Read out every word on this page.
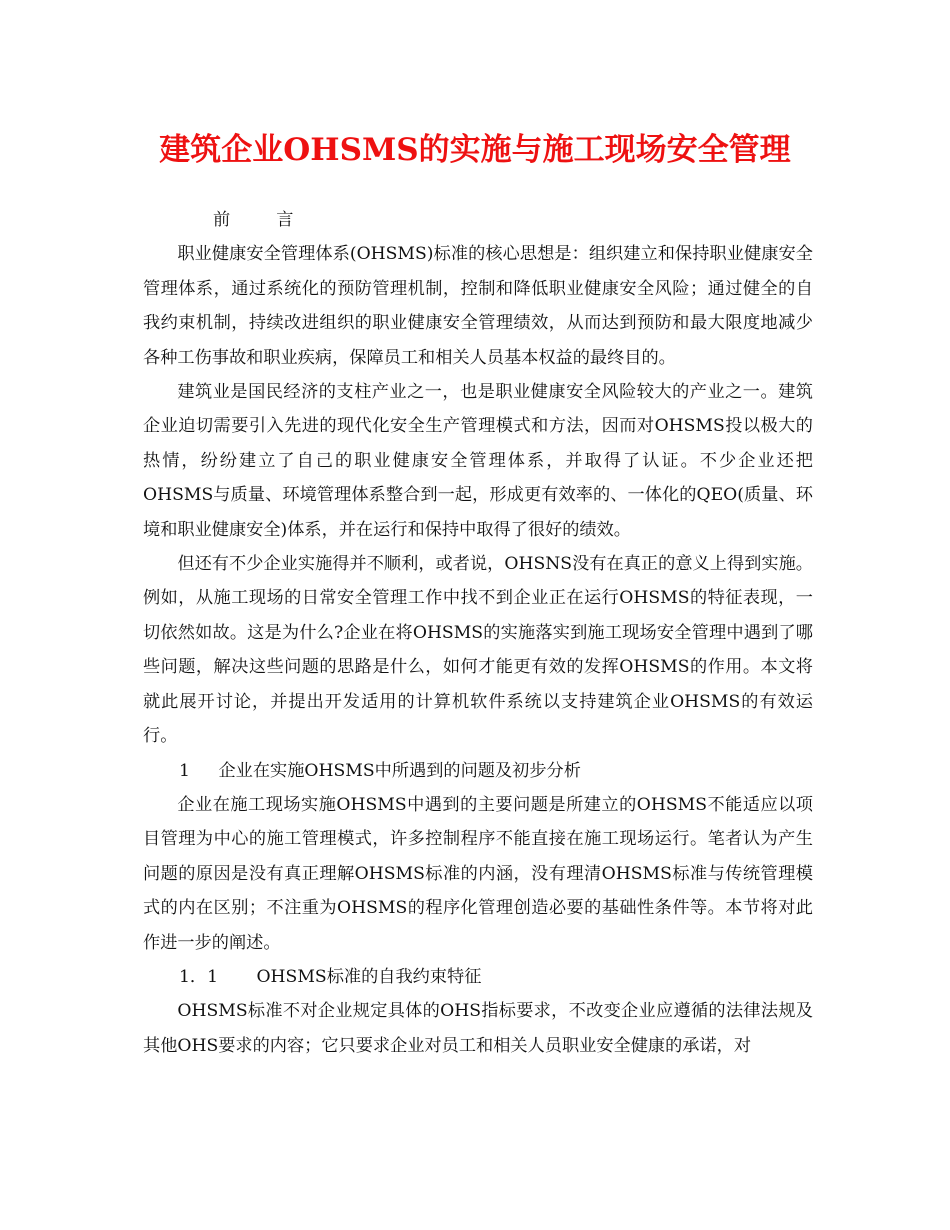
建筑企业OHSMS的实施与施工现场安全管理

前言

职业健康安全管理体系(OHSMS)标准的核心思想是：组织建立和保持职业健康安全管理体系，通过系统化的预防管理机制，控制和降低职业健康安全风险；通过健全的自我约束机制，持续改进组织的职业健康安全管理绩效，从而达到预防和最大限度地减少各种工伤事故和职业疾病，保障员工和相关人员基本权益的最终目的。

建筑业是国民经济的支柱产业之一，也是职业健康安全风险较大的产业之一。建筑企业迫切需要引入先进的现代化安全生产管理模式和方法，因而对OHSMS投以极大的热情，纷纷建立了自己的职业健康安全管理体系，并取得了认证。不少企业还把OHSMS与质量、环境管理体系整合到一起，形成更有效率的、一体化的QEO(质量、环境和职业健康安全)体系，并在运行和保持中取得了很好的绩效。

但还有不少企业实施得并不顺利，或者说，OHSNS没有在真正的意义上得到实施。例如，从施工现场的日常安全管理工作中找不到企业正在运行OHSMS的特征表现，一切依然如故。这是为什么?企业在将OHSMS的实施落实到施工现场安全管理中遇到了哪些问题，解决这些问题的思路是什么，如何才能更有效的发挥OHSMS的作用。本文将就此展开讨论，并提出开发适用的计算机软件系统以支持建筑企业OHSMS的有效运行。

1 企业在实施OHSMS中所遇到的问题及初步分析

企业在施工现场实施OHSMS中遇到的主要问题是所建立的OHSMS不能适应以项目管理为中心的施工管理模式，许多控制程序不能直接在施工现场运行。笔者认为产生问题的原因是没有真正理解OHSMS标准的内涵，没有理清OHSMS标准与传统管理模式的内在区别；不注重为OHSMS的程序化管理创造必要的基础性条件等。本节将对此作进一步的阐述。

1．1 OHSMS标准的自我约束特征

OHSMS标准不对企业规定具体的OHS指标要求，不改变企业应遵循的法律法规及其他OHS要求的内容；它只要求企业对员工和相关人员职业安全健康的承诺，对
